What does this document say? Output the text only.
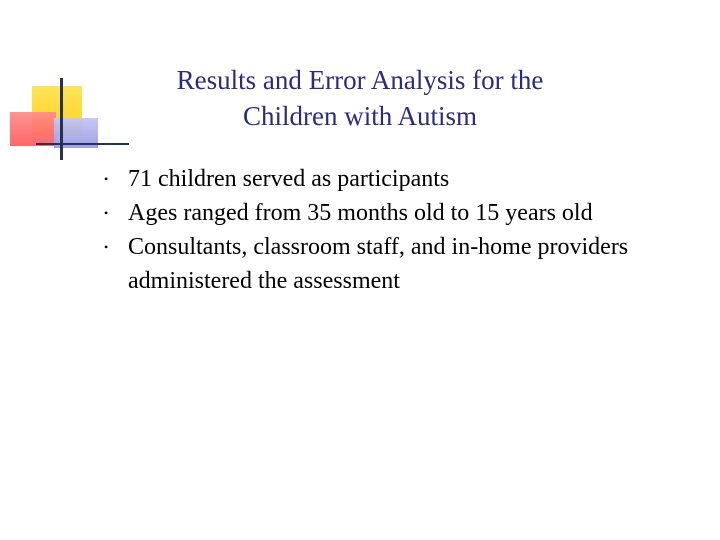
Results and Error Analysis for the
Children with Autism
• 71 children served as participants
• Ages ranged from 35 months old to 15 years old
• Consultants, classroom staff, and in-home providers administered the assessment
